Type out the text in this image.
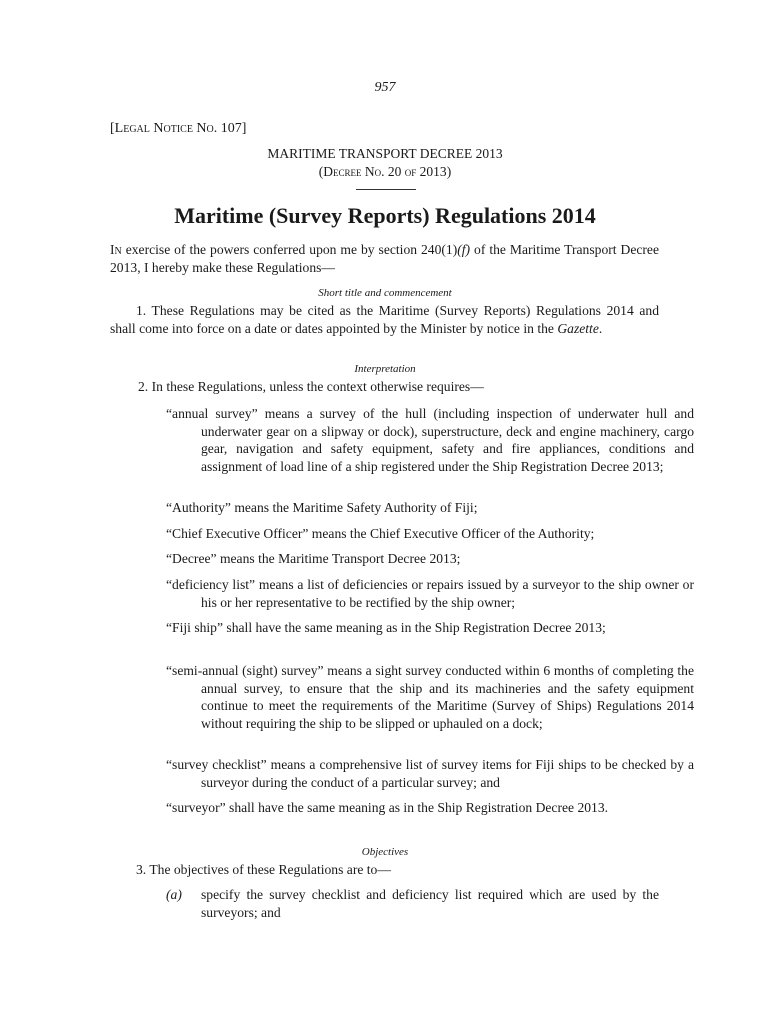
957
[Legal Notice No. 107]
MARITIME TRANSPORT DECREE 2013
(Decree No. 20 of 2013)
Maritime (Survey Reports) Regulations 2014
In exercise of the powers conferred upon me by section 240(1)(f) of the Maritime Transport Decree 2013, I hereby make these Regulations—
Short title and commencement
1. These Regulations may be cited as the Maritime (Survey Reports) Regulations 2014 and shall come into force on a date or dates appointed by the Minister by notice in the Gazette.
Interpretation
2. In these Regulations, unless the context otherwise requires—
“annual survey” means a survey of the hull (including inspection of underwater hull and underwater gear on a slipway or dock), superstructure, deck and engine machinery, cargo gear, navigation and safety equipment, safety and fire appliances, conditions and assignment of load line of a ship registered under the Ship Registration Decree 2013;
“Authority” means the Maritime Safety Authority of Fiji;
“Chief Executive Officer” means the Chief Executive Officer of the Authority;
“Decree” means the Maritime Transport Decree 2013;
“deficiency list” means a list of deficiencies or repairs issued by a surveyor to the ship owner or his or her representative to be rectified by the ship owner;
“Fiji ship” shall have the same meaning as in the Ship Registration Decree 2013;
“semi-annual (sight) survey” means a sight survey conducted within 6 months of completing the annual survey, to ensure that the ship and its machineries and the safety equipment continue to meet the requirements of the Maritime (Survey of Ships) Regulations 2014 without requiring the ship to be slipped or uphauled on a dock;
“survey checklist” means a comprehensive list of survey items for Fiji ships to be checked by a surveyor during the conduct of a particular survey; and
“surveyor” shall have the same meaning as in the Ship Registration Decree 2013.
Objectives
3. The objectives of these Regulations are to—
(a) specify the survey checklist and deficiency list required which are used by the surveyors; and
